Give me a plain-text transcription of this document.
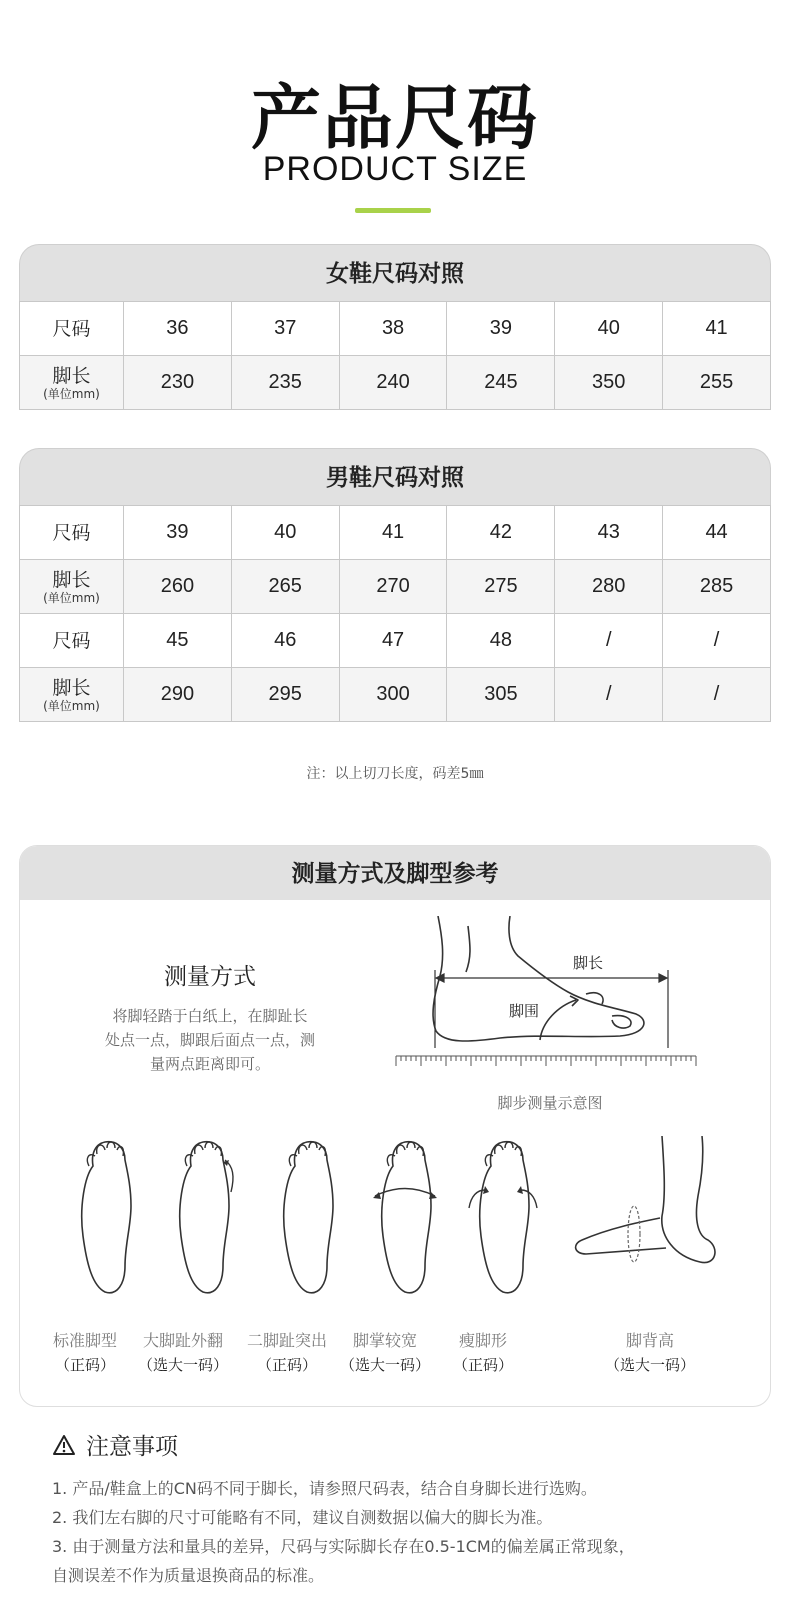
产品尺码
PRODUCT SIZE
女鞋尺码对照
尺码	36	37	38	39	40	41

脚长
(单位mm)	230	235	240	245	350	255
男鞋尺码对照
尺码	39	40	41	42	43	44

脚长
(单位mm)	260	265	270	275	280	285

尺码	45	46	47	48	/	/

脚长
(单位mm)	290	295	300	305	/	/
注：以上切刀长度，码差5㎜
测量方式及脚型参考
测量方式
将脚轻踏于白纸上，在脚趾长
处点一点，脚跟后面点一点，测
量两点距离即可。
脚长
脚围
脚步测量示意图
标准脚型
（正码）
大脚趾外翻
（选大一码）
二脚趾突出
（正码）
脚掌较宽
（选大一码）
瘦脚形
（正码）
脚背高
（选大一码）
注意事项
1. 产品/鞋盒上的CN码不同于脚长，请参照尺码表，结合自身脚长进行选购。
2. 我们左右脚的尺寸可能略有不同，建议自测数据以偏大的脚长为准。
3. 由于测量方法和量具的差异，尺码与实际脚长存在0.5-1CM的偏差属正常现象，
自测误差不作为质量退换商品的标准。
